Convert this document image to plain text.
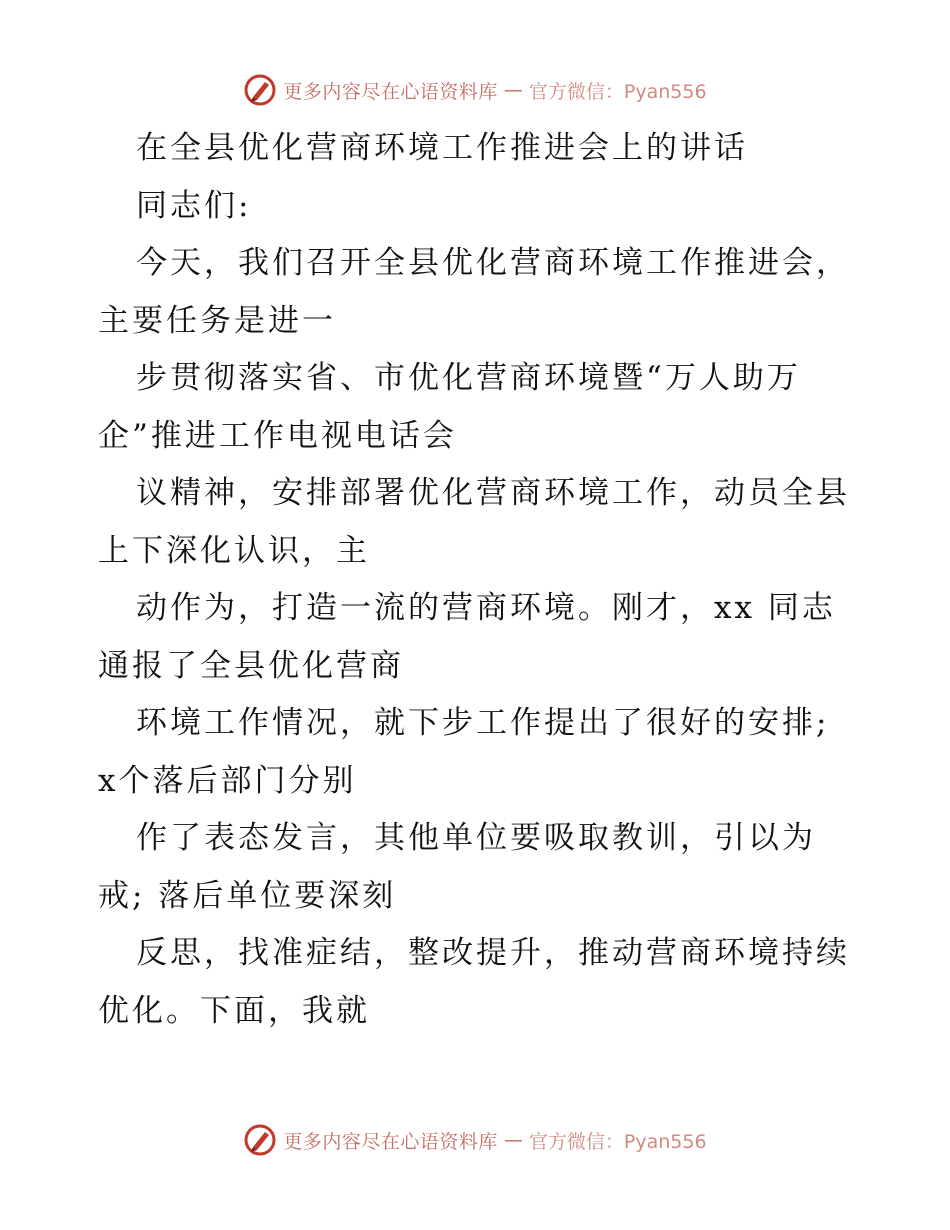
更多内容尽在心语资料库 — 官方微信：Pyan556
在全县优化营商环境工作推进会上的讲话
同志们:
今天，我们召开全县优化营商环境工作推进会，
主要任务是进一
步贯彻落实省、市优化营商环境暨“万人助万
企”推进工作电视电话会
议精神，安排部署优化营商环境工作，动员全县
上下深化认识，主
动作为，打造一流的营商环境。刚才，xx 同志
通报了全县优化营商
环境工作情况，就下步工作提出了很好的安排;
x个落后部门分别
作了表态发言，其他单位要吸取教训，引以为
戒; 落后单位要深刻
反思，找准症结，整改提升，推动营商环境持续
优化。下面，我就
更多内容尽在心语资料库 — 官方微信：Pyan556
